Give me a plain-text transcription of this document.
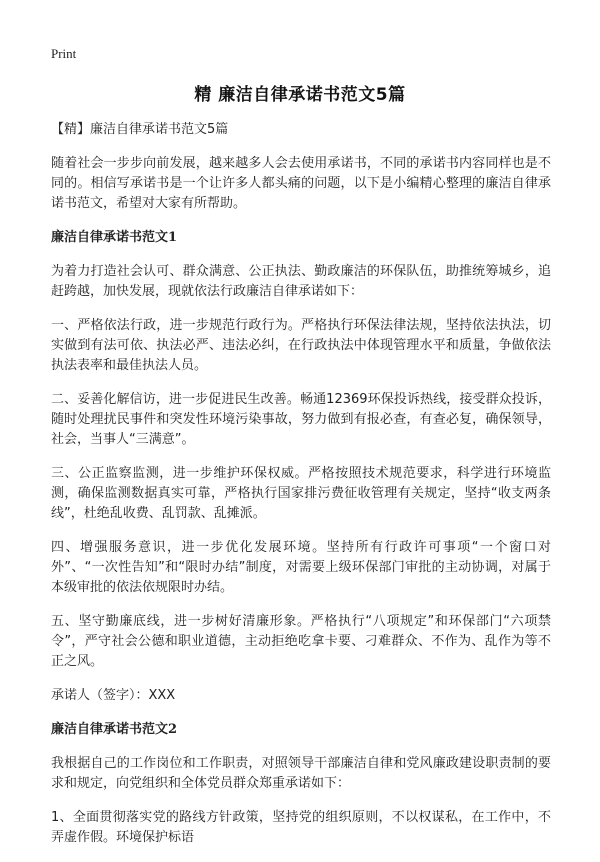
Print
精 廉洁自律承诺书范文5篇
【精】廉洁自律承诺书范文5篇

随着社会一步步向前发展，越来越多人会去使用承诺书，不同的承诺书内容同样也是不同的。相信写承诺书是一个让许多人都头痛的问题，以下是小编精心整理的廉洁自律承诺书范文，希望对大家有所帮助。

廉洁自律承诺书范文1

为着力打造社会认可、群众满意、公正执法、勤政廉洁的环保队伍，助推统筹城乡，追赶跨越，加快发展，现就依法行政廉洁自律承诺如下：

一、严格依法行政，进一步规范行政行为。严格执行环保法律法规，坚持依法执法，切实做到有法可依、执法必严、违法必纠，在行政执法中体现管理水平和质量，争做依法执法表率和最佳执法人员。

二、妥善化解信访，进一步促进民生改善。畅通12369环保投诉热线，接受群众投诉，随时处理扰民事件和突发性环境污染事故，努力做到有报必查，有查必复，确保领导，社会，当事人“三满意”。

三、公正监察监测，进一步维护环保权威。严格按照技术规范要求，科学进行环境监测，确保监测数据真实可靠，严格执行国家排污费征收管理有关规定，坚持“收支两条线”，杜绝乱收费、乱罚款、乱摊派。

四、增强服务意识，进一步优化发展环境。坚持所有行政许可事项“一个窗口对外”、“一次性告知”和“限时办结”制度，对需要上级环保部门审批的主动协调，对属于本级审批的依法依规限时办结。

五、坚守勤廉底线，进一步树好清廉形象。严格执行“八项规定”和环保部门“六项禁令”，严守社会公德和职业道德，主动拒绝吃拿卡要、刁难群众、不作为、乱作为等不正之风。

承诺人（签字）：XXX

廉洁自律承诺书范文2

我根据自己的工作岗位和工作职责，对照领导干部廉洁自律和党风廉政建设职责制的要求和规定，向党组织和全体党员群众郑重承诺如下：

1、全面贯彻落实党的路线方针政策，坚持党的组织原则，不以权谋私，在工作中，不弄虚作假。环境保护标语
